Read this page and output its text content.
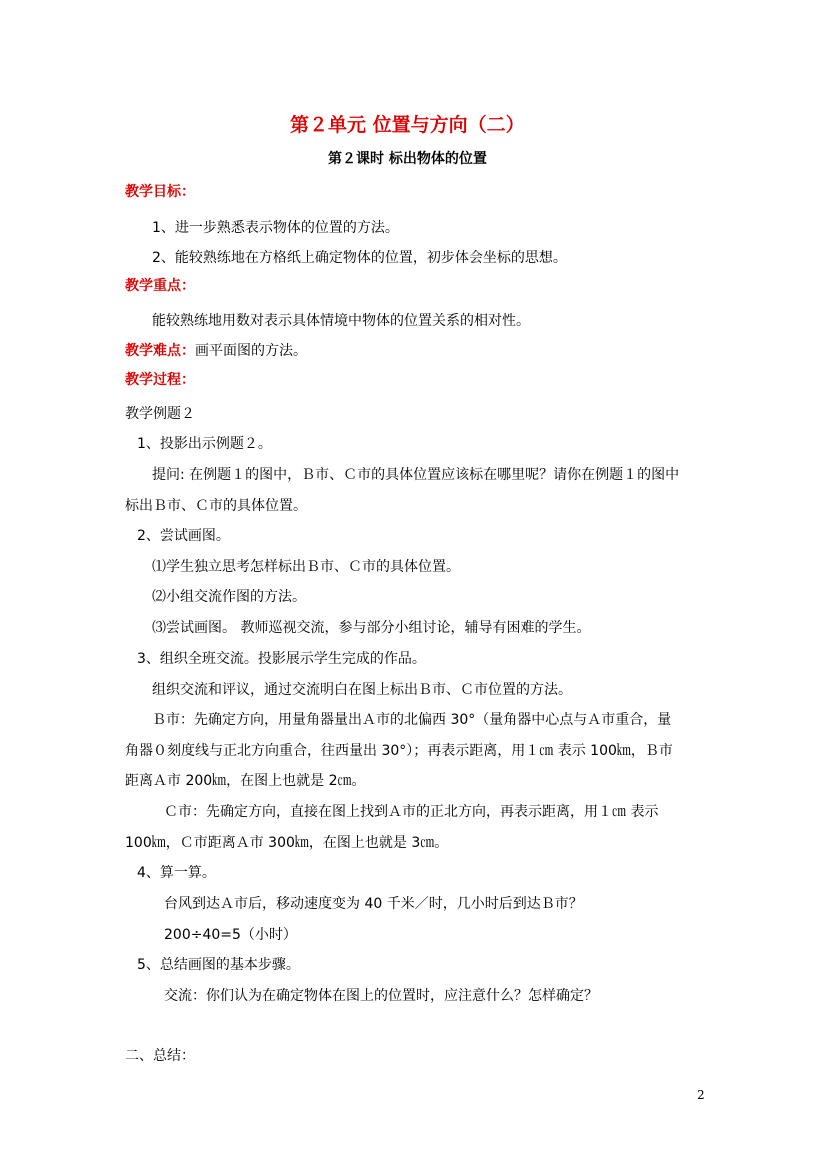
第２单元 位置与方向（二）
第２课时 标出物体的位置
教学目标：
1、进一步熟悉表示物体的位置的方法。
2、能较熟练地在方格纸上确定物体的位置，初步体会坐标的思想。
教学重点：
能较熟练地用数对表示具体情境中物体的位置关系的相对性。
教学难点：画平面图的方法。
教学过程：
教学例题２
1、投影出示例题２。
提问: 在例题１的图中，Ｂ市、Ｃ市的具体位置应该标在哪里呢？请你在例题１的图中
标出Ｂ市、Ｃ市的具体位置。
2、尝试画图。
⑴学生独立思考怎样标出Ｂ市、Ｃ市的具体位置。
⑵小组交流作图的方法。
⑶尝试画图。 教师巡视交流，参与部分小组讨论，辅导有困难的学生。
3、组织全班交流。投影展示学生完成的作品。
组织交流和评议，通过交流明白在图上标出Ｂ市、Ｃ市位置的方法。
Ｂ市：先确定方向，用量角器量出Ａ市的北偏西 30°（量角器中心点与Ａ市重合，量
角器０刻度线与正北方向重合，往西量出 30°）；再表示距离，用１㎝ 表示 100㎞，Ｂ市
距离Ａ市 200㎞，在图上也就是 2㎝。
Ｃ市：先确定方向，直接在图上找到Ａ市的正北方向，再表示距离，用１㎝ 表示
100㎞，Ｃ市距离Ａ市 300㎞，在图上也就是 3㎝。
4、算一算。
台风到达Ａ市后，移动速度变为 40 千米／时，几小时后到达Ｂ市？
200÷40=5（小时）
5、总结画图的基本步骤。
交流：你们认为在确定物体在图上的位置时，应注意什么？怎样确定？
二、总结：
2
